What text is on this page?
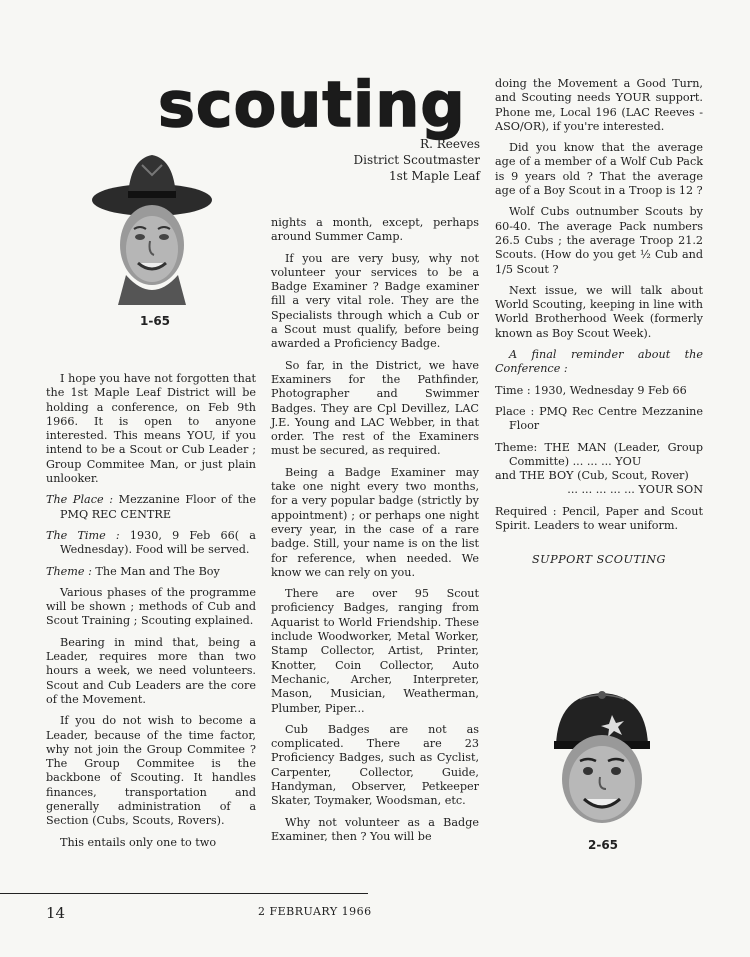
scouting
R. Reeves
District Scoutmaster
1st Maple Leaf
1-65

I hope you have not forgotten that the 1st Maple Leaf District will be holding a conference, on Feb 9th 1966. It is open to anyone interested. This means YOU, if you intend to be a Scout or Cub Leader ; Group Commitee Man, or just plain unlooker.

The Place : Mezzanine Floor of the PMQ REC CENTRE

The Time : 1930, 9 Feb 66( a Wednesday). Food will be served.

Theme : The Man and The Boy

Various phases of the programme will be shown ; methods of Cub and Scout Training ; Scouting explained.

Bearing in mind that, being a Leader, requires more than two hours a week, we need volunteers. Scout and Cub Leaders are the core of the Movement.

If you do not wish to become a Leader, because of the time factor, why not join the Group Commitee ? The Group Commitee is the backbone of Scouting. It handles finances, transportation and generally administration of a Section (Cubs, Scouts, Rovers).

This entails only one to two

nights a month, except, perhaps around Summer Camp.

If you are very busy, why not volunteer your services to be a Badge Examiner ? Badge examiner fill a very vital role. They are the Specialists through which a Cub or a Scout must qualify, before being awarded a Proficiency Badge.

So far, in the District, we have Examiners for the Pathfinder, Photographer and Swimmer Badges. They are Cpl Devillez, LAC J.E. Young and LAC Webber, in that order. The rest of the Examiners must be secured, as required.

Being a Badge Examiner may take one night every two months, for a very popular badge (strictly by appointment) ; or perhaps one night every year, in the case of a rare badge. Still, your name is on the list for reference, when needed. We know we can rely on you.

There are over 95 Scout proficiency Badges, ranging from Aquarist to World Friendship. These include Woodworker, Metal Worker, Stamp Collector, Artist, Printer, Knotter, Coin Collector, Auto Mechanic, Archer, Interpreter, Mason, Musician, Weatherman, Plumber, Piper...

Cub Badges are not as complicated. There are 23 Proficiency Badges, such as Cyclist, Carpenter, Collector, Guide, Handyman, Observer, Petkeeper Skater, Toymaker, Woodsman, etc.

Why not volunteer as a Badge Examiner, then ? You will be

doing the Movement a Good Turn, and Scouting needs YOUR support. Phone me, Local 196 (LAC Reeves - ASO/OR), if you're interested.

Did you know that the average age of a member of a Wolf Cub Pack is 9 years old ? That the average age of a Boy Scout in a Troop is 12 ?

Wolf Cubs outnumber Scouts by 60-40. The average Pack numbers 26.5 Cubs ; the average Troop 21.2 Scouts. (How do you get ½ Cub and 1/5 Scout ?

Next issue, we will talk about World Scouting, keeping in line with World Brotherhood Week (formerly known as Boy Scout Week).

A final reminder about the Conference :

Time : 1930, Wednesday 9 Feb 66

Place : PMQ Rec Centre Mezzanine Floor

Theme: THE MAN (Leader, Group Committe) ... ... ... YOU

and THE BOY (Cub, Scout, Rover)

... ... ... ... ... YOUR SON

Required : Pencil, Paper and Scout Spirit. Leaders to wear uniform.

SUPPORT SCOUTING

2-65
14	2 FEBRUARY 1966
